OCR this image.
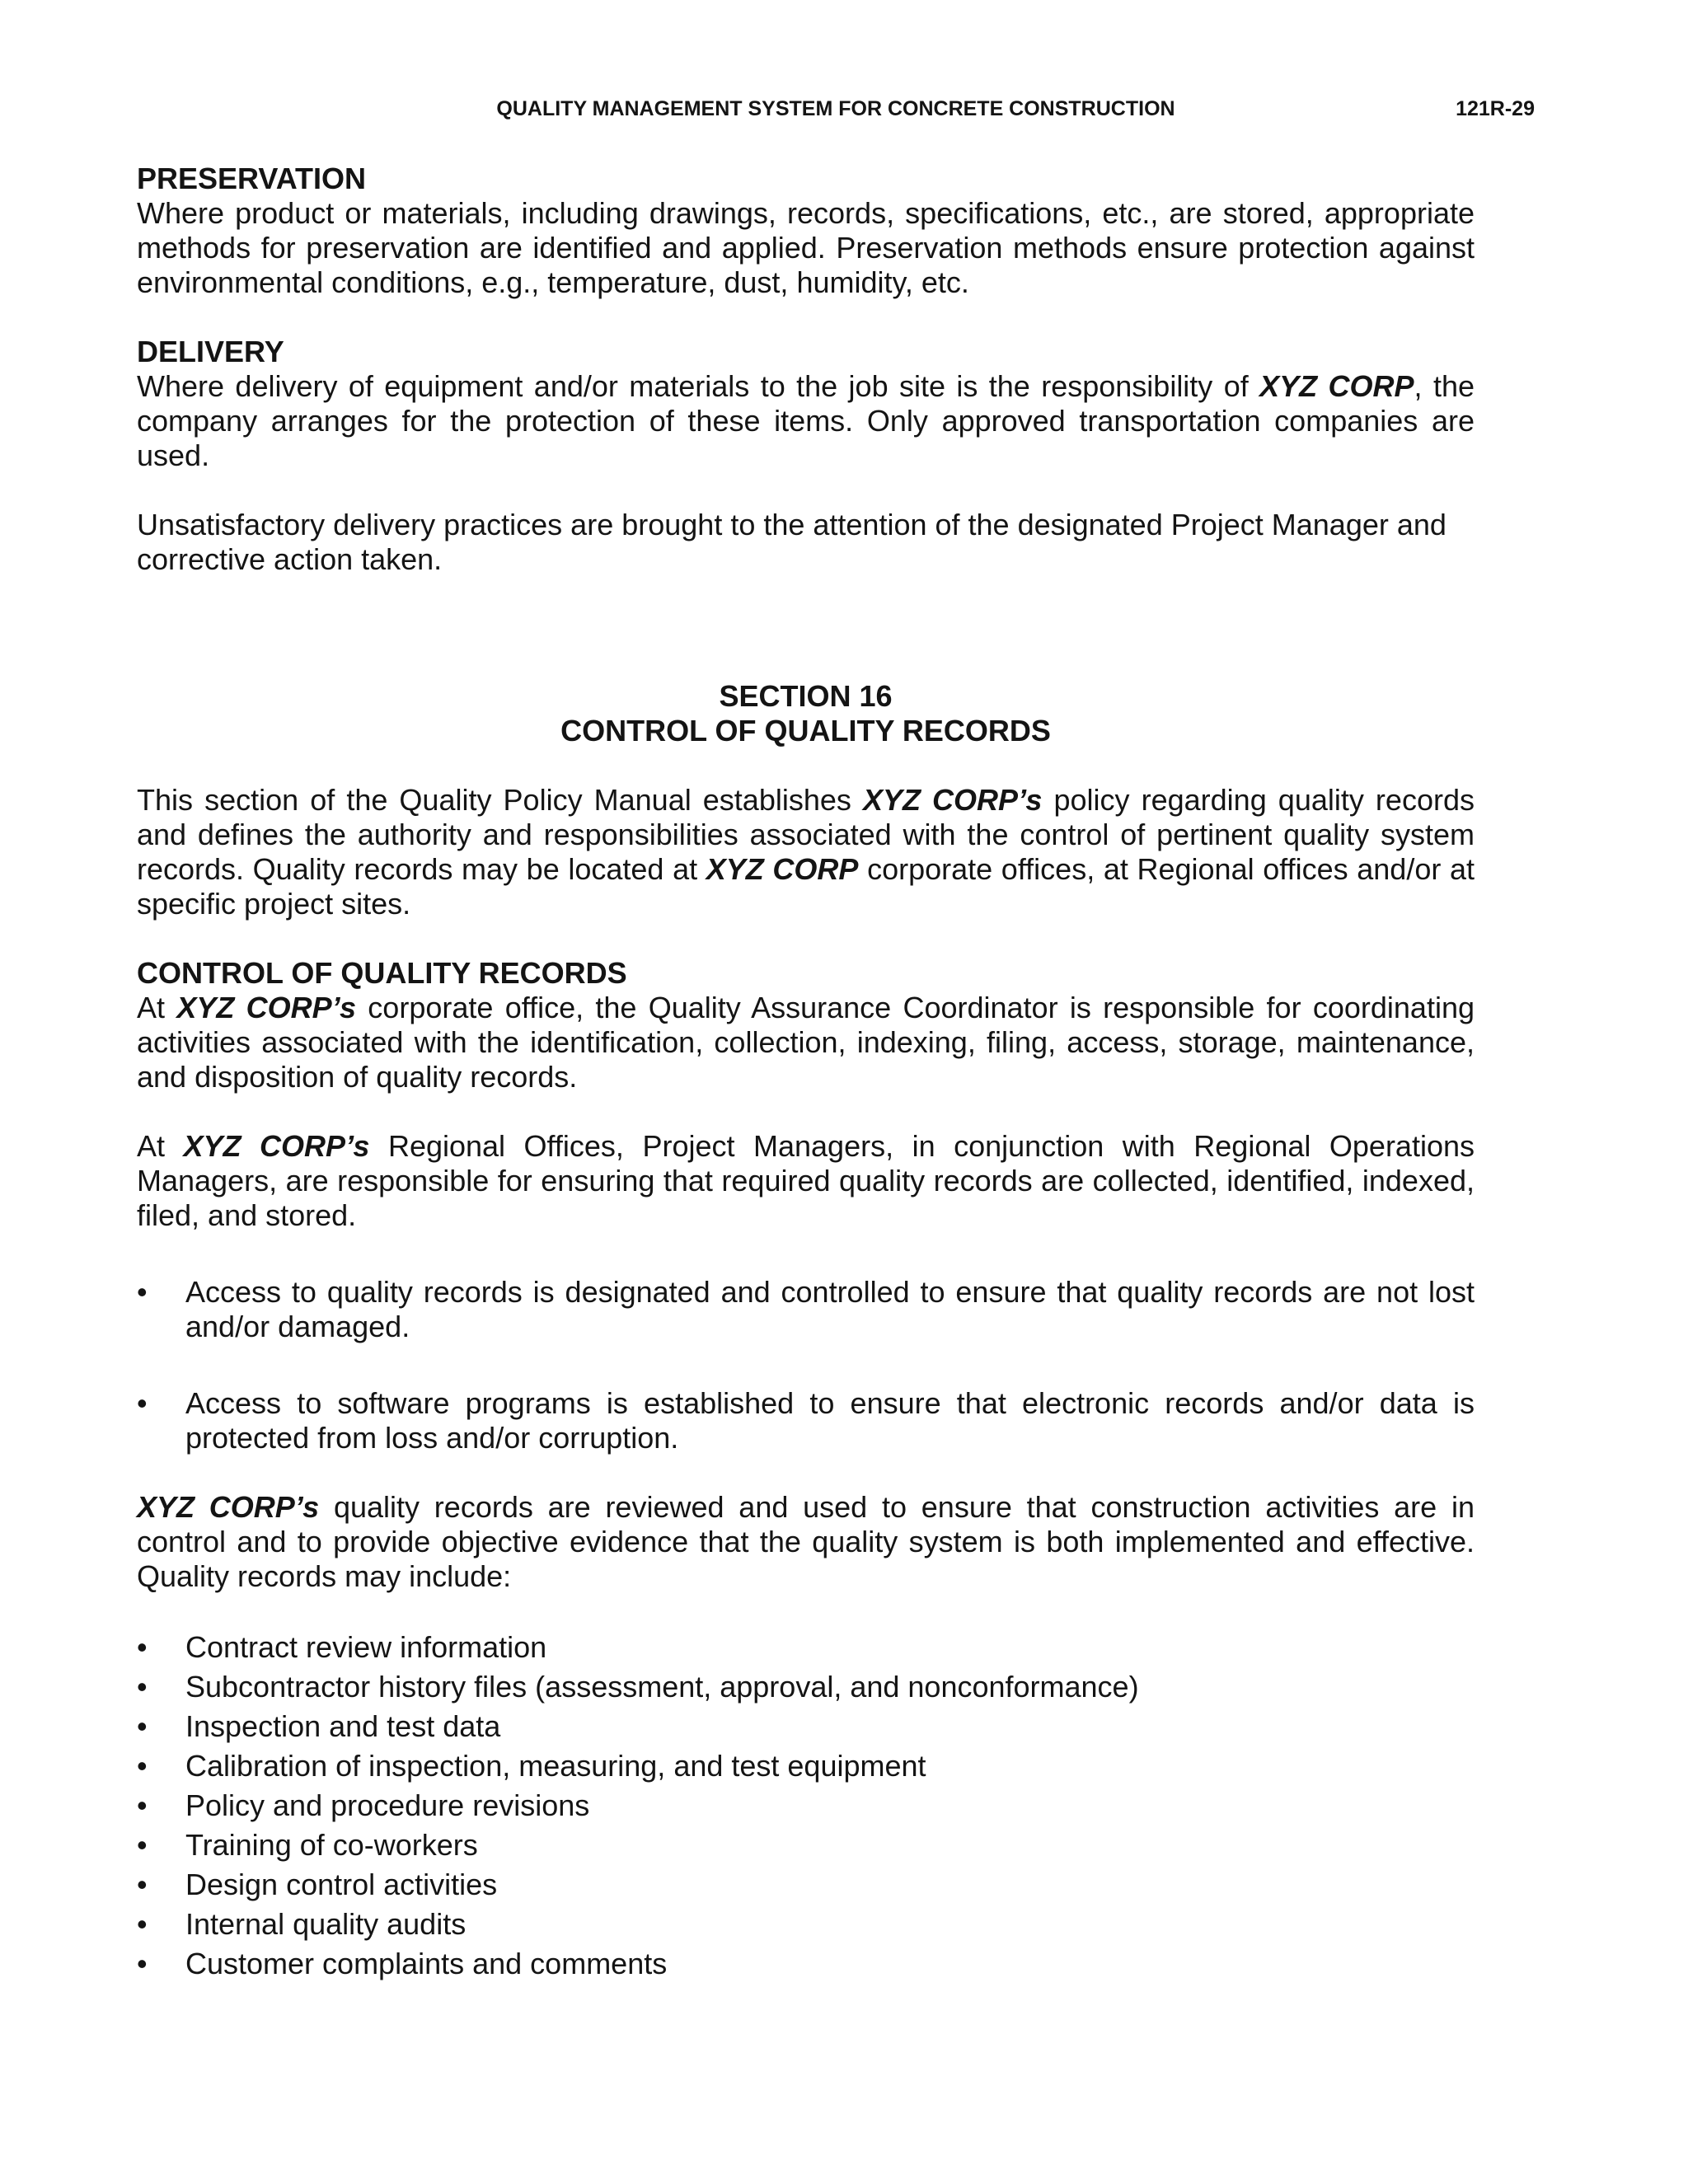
QUALITY MANAGEMENT SYSTEM FOR CONCRETE CONSTRUCTION	121R-29

PRESERVATION

Where product or materials, including drawings, records, specifications, etc., are stored, appropriate methods for preservation are identified and applied. Preservation methods ensure protection against environmental conditions, e.g., temperature, dust, humidity, etc.

DELIVERY

Where delivery of equipment and/or materials to the job site is the responsibility of XYZ CORP, the company arranges for the protection of these items. Only approved transportation companies are used.

Unsatisfactory delivery practices are brought to the attention of the designated Project Manager and corrective action taken.

SECTION 16

CONTROL OF QUALITY RECORDS

This section of the Quality Policy Manual establishes XYZ CORP’s policy regarding quality records and defines the authority and responsibilities associated with the control of pertinent quality system records. Quality records may be located at XYZ CORP corporate offices, at Regional offices and/or at specific project sites.

CONTROL OF QUALITY RECORDS

At XYZ CORP’s corporate office, the Quality Assurance Coordinator is responsible for coordinating activities associated with the identification, collection, indexing, filing, access, storage, maintenance, and disposition of quality records.

At XYZ CORP’s Regional Offices, Project Managers, in conjunction with Regional Operations Managers, are responsible for ensuring that required quality records are collected, identified, indexed, filed, and stored.

• Access to quality records is designated and controlled to ensure that quality records are not lost and/or damaged.
• Access to software programs is established to ensure that electronic records and/or data is protected from loss and/or corruption.

XYZ CORP’s quality records are reviewed and used to ensure that construction activities are in control and to provide objective evidence that the quality system is both implemented and effective. Quality records may include:

• Contract review information
• Subcontractor history files (assessment, approval, and nonconformance)
• Inspection and test data
• Calibration of inspection, measuring, and test equipment
• Policy and procedure revisions
• Training of co-workers
• Design control activities
• Internal quality audits
• Customer complaints and comments
